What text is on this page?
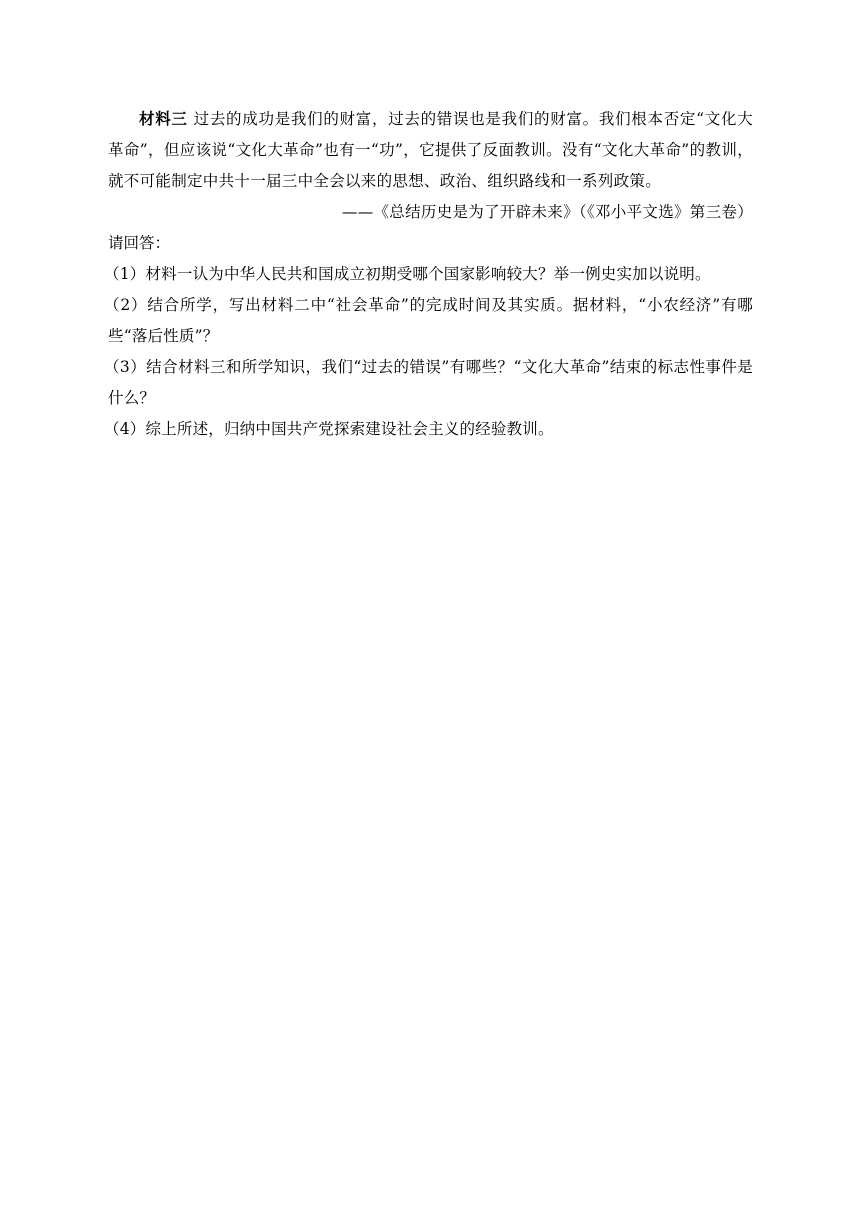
材料三 过去的成功是我们的财富，过去的错误也是我们的财富。我们根本否定“文化大革命”，但应该说“文化大革命”也有一“功”，它提供了反面教训。没有“文化大革命”的教训，就不可能制定中共十一届三中全会以来的思想、政治、组织路线和一系列政策。

——《总结历史是为了开辟未来》（《邓小平文选》第三卷）

请回答：

（1）材料一认为中华人民共和国成立初期受哪个国家影响较大？举一例史实加以说明。

（2）结合所学，写出材料二中“社会革命”的完成时间及其实质。据材料，“小农经济”有哪些“落后性质”？

（3）结合材料三和所学知识，我们“过去的错误”有哪些？“文化大革命”结束的标志性事件是什么？

（4）综上所述，归纳中国共产党探索建设社会主义的经验教训。
